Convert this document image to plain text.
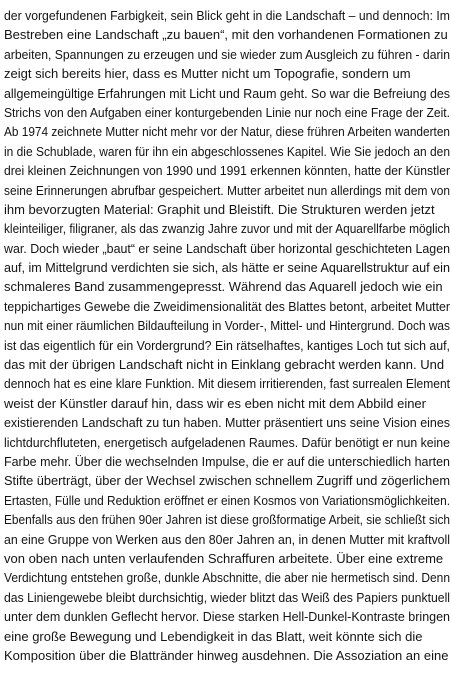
der vorgefundenen Farbigkeit, sein Blick geht in die Landschaft – und dennoch: Im
Bestreben eine Landschaft „zu bauen“, mit den vorhandenen Formationen zu
arbeiten, Spannungen zu erzeugen und sie wieder zum Ausgleich zu führen - darin
zeigt sich bereits hier, dass es Mutter nicht um Topografie, sondern um
allgemeingültige Erfahrungen mit Licht und Raum geht. So war die Befreiung des
Strichs von den Aufgaben einer konturgebenden Linie nur noch eine Frage der Zeit.
Ab 1974 zeichnete Mutter nicht mehr vor der Natur, diese frühren Arbeiten wanderten
in die Schublade, waren für ihn ein abgeschlossenes Kapitel. Wie Sie jedoch an den
drei kleinen Zeichnungen von 1990 und 1991 erkennen könnten, hatte der Künstler
seine Erinnerungen abrufbar gespeichert. Mutter arbeitet nun allerdings mit dem von
ihm bevorzugten Material: Graphit und Bleistift. Die Strukturen werden jetzt
kleinteiliger, filigraner, als das zwanzig Jahre zuvor und mit der Aquarellfarbe möglich
war. Doch wieder „baut“ er seine Landschaft über horizontal geschichteten Lagen
auf, im Mittelgrund verdichten sie sich, als hätte er seine Aquarellstruktur auf ein
schmaleres Band zusammengepresst. Während das Aquarell jedoch wie ein
teppichartiges Gewebe die Zweidimensionalität des Blattes betont, arbeitet Mutter
nun mit einer räumlichen Bildaufteilung in Vorder-, Mittel- und Hintergrund. Doch was
ist das eigentlich für ein Vordergrund? Ein rätselhaftes, kantiges Loch tut sich auf,
das mit der übrigen Landschaft nicht in Einklang gebracht werden kann. Und
dennoch hat es eine klare Funktion. Mit diesem irritierenden, fast surrealen Element
weist der Künstler darauf hin, dass wir es eben nicht mit dem Abbild einer
existierenden Landschaft zu tun haben. Mutter präsentiert uns seine Vision eines
lichtdurchfluteten, energetisch aufgeladenen Raumes. Dafür benötigt er nun keine
Farbe mehr. Über die wechselnden Impulse, die er auf die unterschiedlich harten
Stifte überträgt, über der Wechsel zwischen schnellem Zugriff und zögerlichem
Ertasten, Fülle und Reduktion eröffnet er einen Kosmos von Variationsmöglichkeiten.
Ebenfalls aus den frühen 90er Jahren ist diese großformatige Arbeit, sie schließt sich
an eine Gruppe von Werken aus den 80er Jahren an, in denen Mutter mit kraftvoll
von oben nach unten verlaufenden Schraffuren arbeitete. Über eine extreme
Verdichtung entstehen große, dunkle Abschnitte, die aber nie hermetisch sind. Denn
das Liniengewebe bleibt durchsichtig, wieder blitzt das Weiß des Papiers punktuell
unter dem dunklen Geflecht hervor. Diese starken Hell-Dunkel-Kontraste bringen
eine große Bewegung und Lebendigkeit in das Blatt, weit könnte sich die
Komposition über die Blattränder hinweg ausdehnen. Die Assoziation an eine
